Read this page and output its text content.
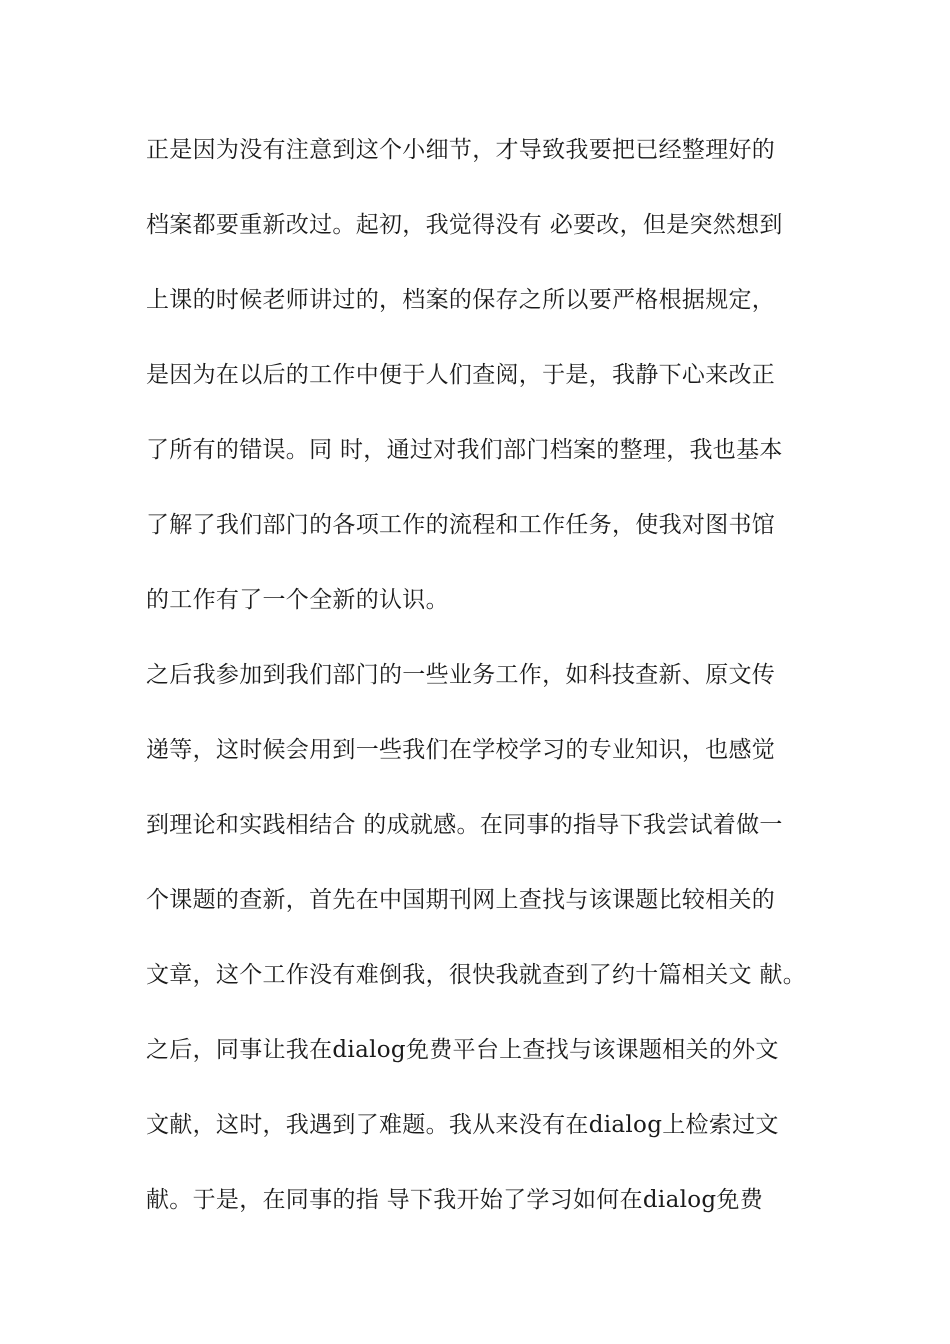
正是因为没有注意到这个小细节，才导致我要把已经整理好的
档案都要重新改过。起初，我觉得没有 必要改，但是突然想到
上课的时候老师讲过的，档案的保存之所以要严格根据规定，
是因为在以后的工作中便于人们查阅，于是，我静下心来改正
了所有的错误。同 时，通过对我们部门档案的整理，我也基本
了解了我们部门的各项工作的流程和工作任务，使我对图书馆
的工作有了一个全新的认识。
之后我参加到我们部门的一些业务工作，如科技查新、原文传
递等，这时候会用到一些我们在学校学习的专业知识，也感觉
到理论和实践相结合 的成就感。在同事的指导下我尝试着做一
个课题的查新，首先在中国期刊网上查找与该课题比较相关的
文章，这个工作没有难倒我，很快我就查到了约十篇相关文 献。
之后，同事让我在dialog免费平台上查找与该课题相关的外文
文献，这时，我遇到了难题。我从来没有在dialog上检索过文
献。于是，在同事的指 导下我开始了学习如何在dialog免费
